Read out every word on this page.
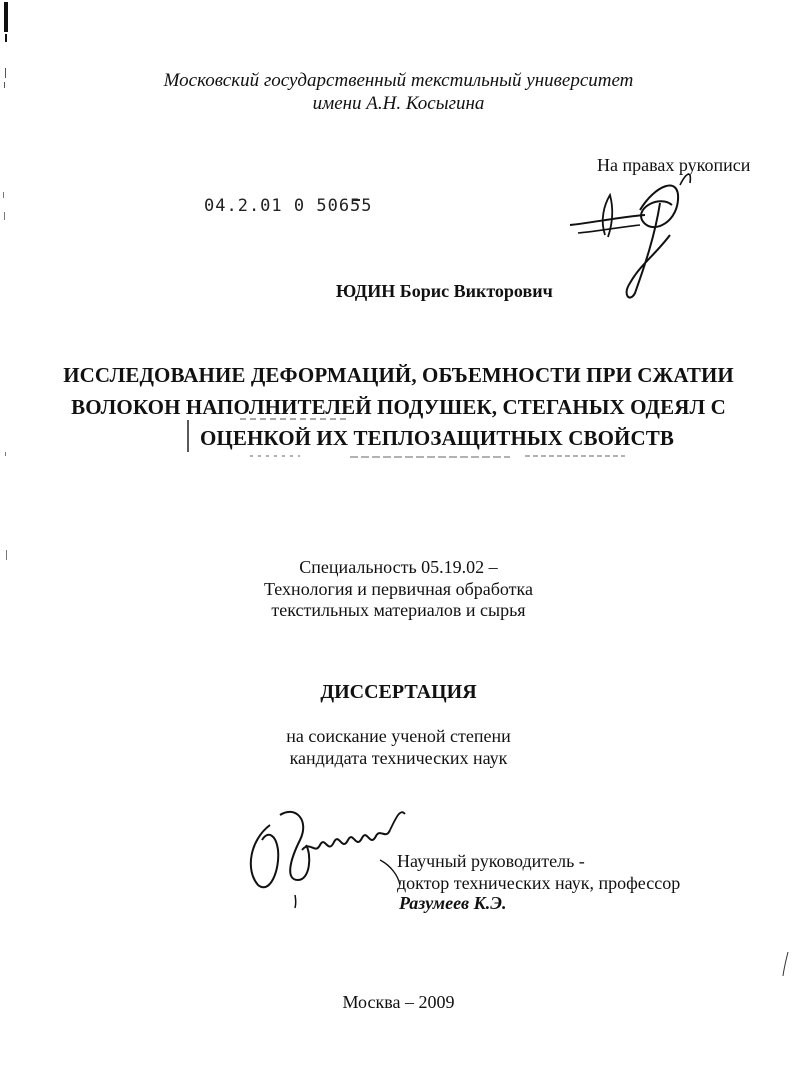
Московский государственный текстильный университет
имени А.Н. Косыгина
На правах рукописи
04.2.01 0 50655
ЮДИН Борис Викторович
ИССЛЕДОВАНИЕ ДЕФОРМАЦИЙ, ОБЪЕМНОСТИ ПРИ СЖАТИИ
ВОЛОКОН НАПОЛНИТЕЛЕЙ ПОДУШЕК, СТЕГАНЫХ ОДЕЯЛ С
ОЦЕНКОЙ ИХ ТЕПЛОЗАЩИТНЫХ СВОЙСТВ
Специальность 05.19.02 –
Технология и первичная обработка
текстильных материалов и сырья
ДИССЕРТАЦИЯ
на соискание ученой степени
кандидата технических наук
Научный руководитель -
доктор технических наук, профессор
Разумеев К.Э.
Москва – 2009
